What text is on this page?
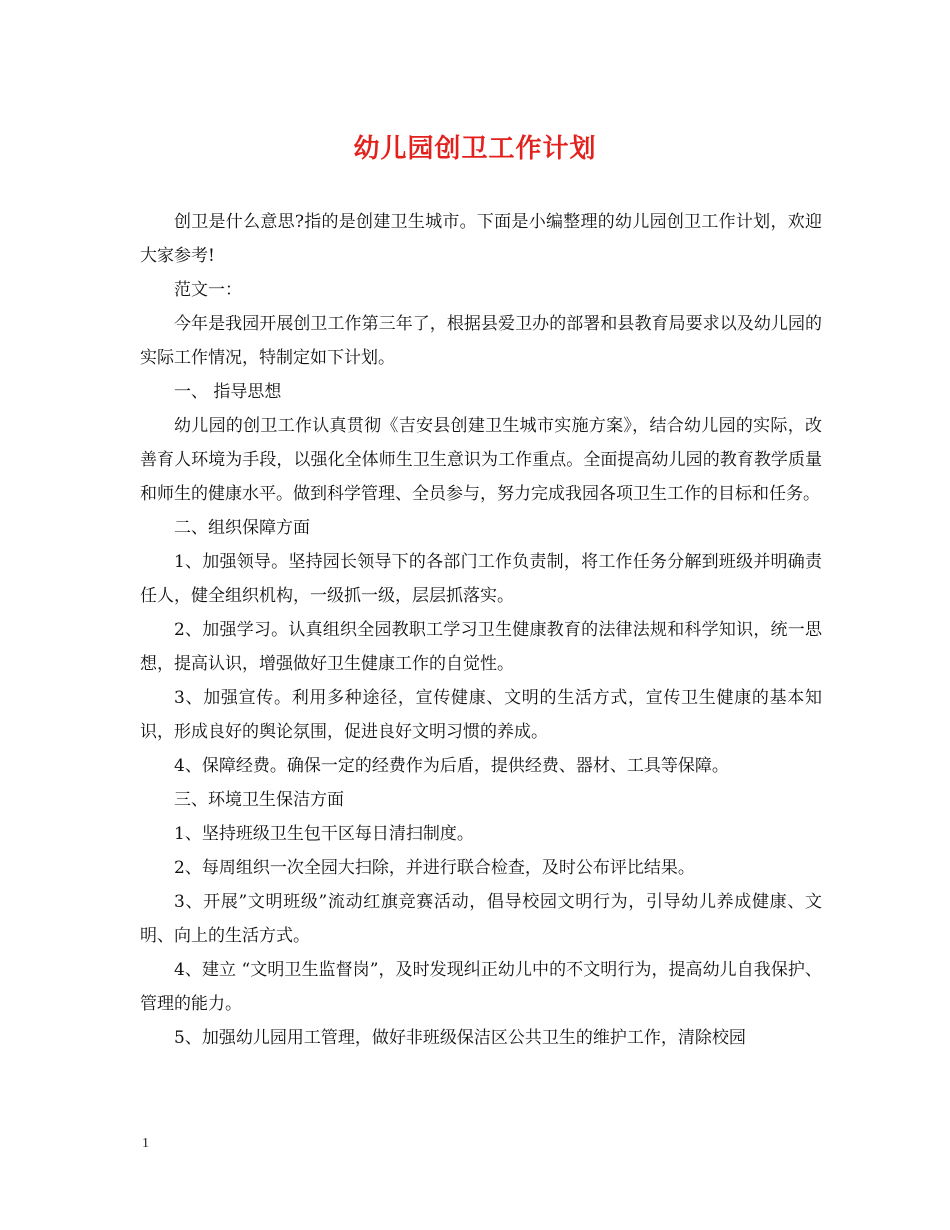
幼儿园创卫工作计划

创卫是什么意思?指的是创建卫生城市。下面是小编整理的幼儿园创卫工作计划，欢迎大家参考!

范文一：

今年是我园开展创卫工作第三年了，根据县爱卫办的部署和县教育局要求以及幼儿园的实际工作情况，特制定如下计划。

一、 指导思想

幼儿园的创卫工作认真贯彻《吉安县创建卫生城市实施方案》，结合幼儿园的实际，改善育人环境为手段，以强化全体师生卫生意识为工作重点。全面提高幼儿园的教育教学质量和师生的健康水平。做到科学管理、全员参与，努力完成我园各项卫生工作的目标和任务。

二、组织保障方面

1、加强领导。坚持园长领导下的各部门工作负责制，将工作任务分解到班级并明确责任人，健全组织机构，一级抓一级，层层抓落实。

2、加强学习。认真组织全园教职工学习卫生健康教育的法律法规和科学知识，统一思想，提高认识，增强做好卫生健康工作的自觉性。

3、加强宣传。利用多种途径，宣传健康、文明的生活方式，宣传卫生健康的基本知识，形成良好的舆论氛围，促进良好文明习惯的养成。

4、保障经费。确保一定的经费作为后盾，提供经费、器材、工具等保障。

三、环境卫生保洁方面

1、坚持班级卫生包干区每日清扫制度。

2、每周组织一次全园大扫除，并进行联合检查，及时公布评比结果。

3、开展”文明班级”流动红旗竞赛活动，倡导校园文明行为，引导幼儿养成健康、文明、向上的生活方式。

4、建立 “文明卫生监督岗”，及时发现纠正幼儿中的不文明行为，提高幼儿自我保护、管理的能力。

5、加强幼儿园用工管理，做好非班级保洁区公共卫生的维护工作，清除校园

1
